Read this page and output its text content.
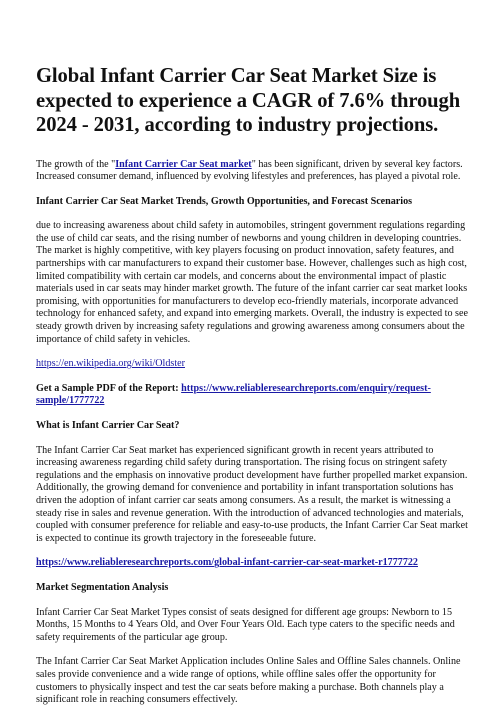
Global Infant Carrier Car Seat Market Size is expected to experience a CAGR of 7.6% through 2024 - 2031, according to industry projections.

The growth of the "Infant Carrier Car Seat market" has been significant, driven by several key factors. Increased consumer demand, influenced by evolving lifestyles and preferences, has played a pivotal role.

Infant Carrier Car Seat Market Trends, Growth Opportunities, and Forecast Scenarios

due to increasing awareness about child safety in automobiles, stringent government regulations regarding the use of child car seats, and the rising number of newborns and young children in developing countries. The market is highly competitive, with key players focusing on product innovation, safety features, and partnerships with car manufacturers to expand their customer base. However, challenges such as high cost, limited compatibility with certain car models, and concerns about the environmental impact of plastic materials used in car seats may hinder market growth. The future of the infant carrier car seat market looks promising, with opportunities for manufacturers to develop eco-friendly materials, incorporate advanced technology for enhanced safety, and expand into emerging markets. Overall, the industry is expected to see steady growth driven by increasing safety regulations and growing awareness among consumers about the importance of child safety in vehicles.

https://en.wikipedia.org/wiki/Oldster

Get a Sample PDF of the Report: https://www.reliableresearchreports.com/enquiry/request-sample/1777722

What is Infant Carrier Car Seat?

The Infant Carrier Car Seat market has experienced significant growth in recent years attributed to increasing awareness regarding child safety during transportation. The rising focus on stringent safety regulations and the emphasis on innovative product development have further propelled market expansion. Additionally, the growing demand for convenience and portability in infant transportation solutions has driven the adoption of infant carrier car seats among consumers. As a result, the market is witnessing a steady rise in sales and revenue generation. With the introduction of advanced technologies and materials, coupled with consumer preference for reliable and easy-to-use products, the Infant Carrier Car Seat market is expected to continue its growth trajectory in the foreseeable future.

https://www.reliableresearchreports.com/global-infant-carrier-car-seat-market-r1777722

Market Segmentation Analysis

Infant Carrier Car Seat Market Types consist of seats designed for different age groups: Newborn to 15 Months, 15 Months to 4 Years Old, and Over Four Years Old. Each type caters to the specific needs and safety requirements of the particular age group.

The Infant Carrier Car Seat Market Application includes Online Sales and Offline Sales channels. Online sales provide convenience and a wide range of options, while offline sales offer the opportunity for customers to physically inspect and test the car seats before making a purchase. Both channels play a significant role in reaching consumers effectively.
